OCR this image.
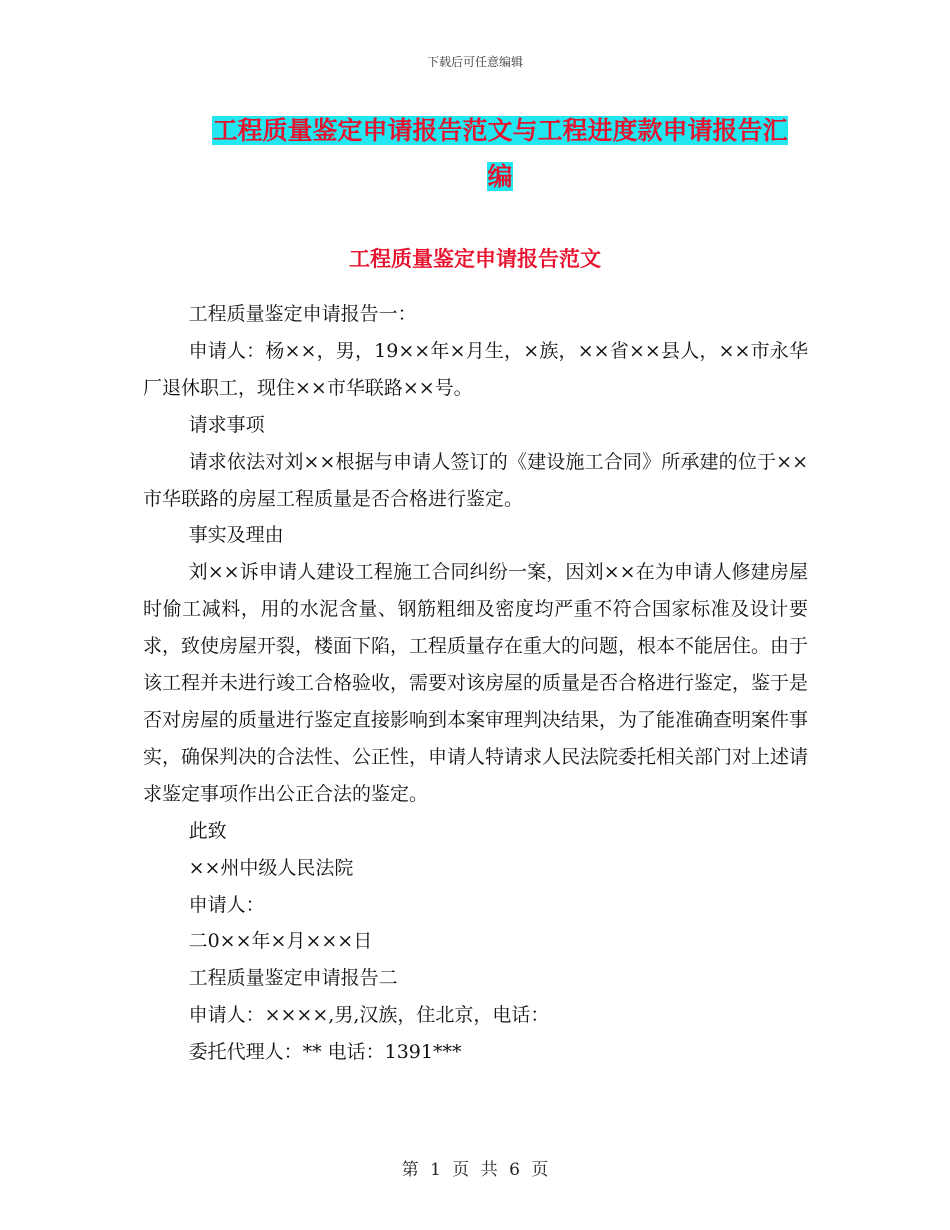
下载后可任意编辑
工程质量鉴定申请报告范文与工程进度款申请报告汇
编
工程质量鉴定申请报告范文

工程质量鉴定申请报告一：

申请人：杨××，男，19××年×月生，×族，××省××县人，××市永华厂退休职工，现住××市华联路××号。

请求事项

请求依法对刘××根据与申请人签订的《建设施工合同》所承建的位于××市华联路的房屋工程质量是否合格进行鉴定。

事实及理由

刘××诉申请人建设工程施工合同纠纷一案，因刘××在为申请人修建房屋时偷工减料，用的水泥含量、钢筋粗细及密度均严重不符合国家标准及设计要求，致使房屋开裂，楼面下陷，工程质量存在重大的问题，根本不能居住。由于该工程并未进行竣工合格验收，需要对该房屋的质量是否合格进行鉴定，鉴于是否对房屋的质量进行鉴定直接影响到本案审理判决结果，为了能准确查明案件事实，确保判决的合法性、公正性，申请人特请求人民法院委托相关部门对上述请求鉴定事项作出公正合法的鉴定。

此致

××州中级人民法院

申请人：

二0××年×月×××日

工程质量鉴定申请报告二

申请人：××××,男,汉族，住北京，电话：

委托代理人：** 电话：1391***

第 1 页 共 6 页
